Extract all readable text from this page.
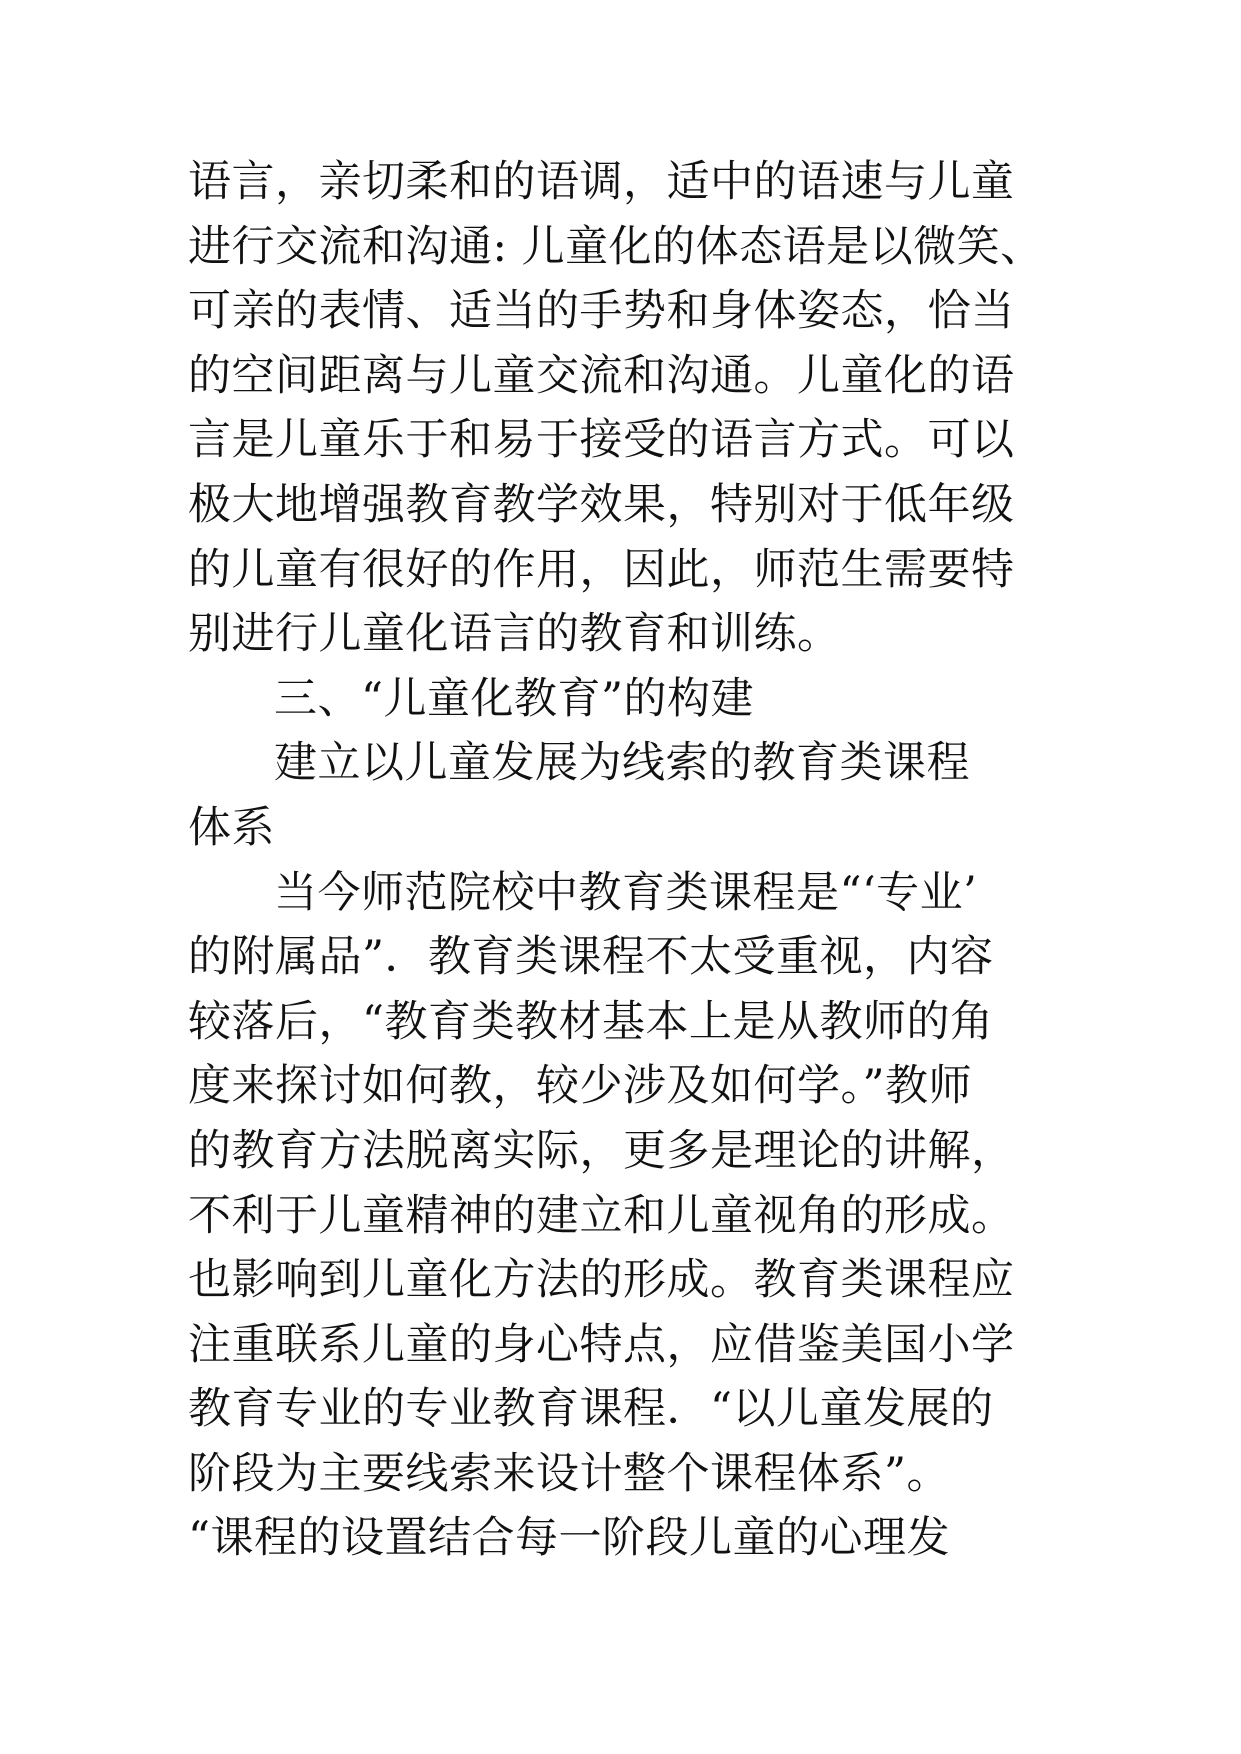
语言，亲切柔和的语调，适中的语速与儿童
进行交流和沟通: 儿童化的体态语是以微笑、
可亲的表情、适当的手势和身体姿态，恰当
的空间距离与儿童交流和沟通。儿童化的语
言是儿童乐于和易于接受的语言方式。可以
极大地增强教育教学效果，特别对于低年级
的儿童有很好的作用，因此，师范生需要特
别进行儿童化语言的教育和训练。
三、“儿童化教育”的构建
建立以儿童发展为线索的教育类课程
体系
当今师范院校中教育类课程是“‘专业’
的附属品”．教育类课程不太受重视，内容
较落后，“教育类教材基本上是从教师的角
度来探讨如何教，较少涉及如何学。”教师
的教育方法脱离实际，更多是理论的讲解，
不利于儿童精神的建立和儿童视角的形成。
也影响到儿童化方法的形成。教育类课程应
注重联系儿童的身心特点，应借鉴美国小学
教育专业的专业教育课程．“以儿童发展的
阶段为主要线索来设计整个课程体系”。
“课程的设置结合每一阶段儿童的心理发
